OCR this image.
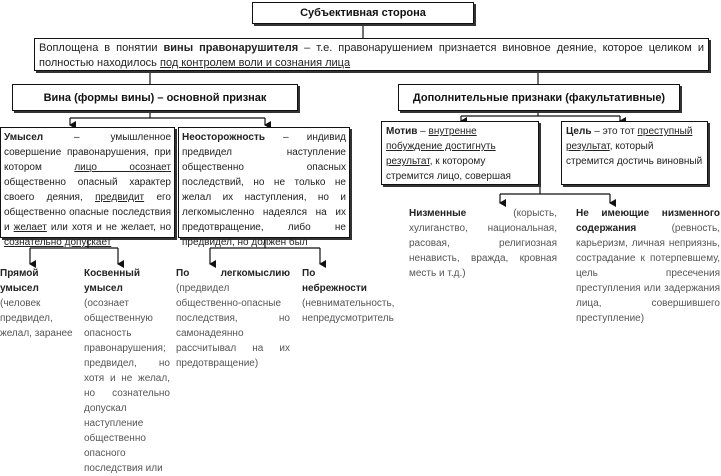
Субъективная сторона
Воплощена в понятии вины правонарушителя – т.е. правонарушением признается виновное деяние, которое целиком и полностью находилось под контролем воли и сознания лица
Вина (формы вины) – основной признак	Дополнительные признаки (факультативные)
Умысел – умышленное совершение правонарушения, при котором лицо осознает общественно опасный характер своего деяния, предвидит его общественно опасные последствия и желает или хотя и не желает, но сознательно допускает
Неосторожность – индивид предвидел наступление общественно опасных последствий, но не только не желал их наступления, но и легкомысленно надеялся на их предотвращение, либо не предвидел, но должен был
Мотив – внутренне побуждение достигнуть результат, к которому стремится лицо, совершая
Цель – это тот преступный результат, который стремится достичь виновный
Прямой умысел (человек предвидел, желал, заранее
Косвенный умысел (осознает общественную опасность правонарушения; предвидел, но хотя и не желал, но сознательно допускал наступление общественно опасного последствия или
По легкомыслию (предвидел общественно-опасные последствия, но самонадеянно рассчитывал на их предотвращение)
По небрежности (невнимательность, непредусмотритель
Низменные (корысть, хулиганство, национальная, расовая, религиозная ненависть, вражда, кровная месть и т.д.)
Не имеющие низменного содержания (ревность, карьеризм, личная неприязнь, сострадание к потерпевшему, цель пресечения преступления или задержания лица, совершившего преступление)
